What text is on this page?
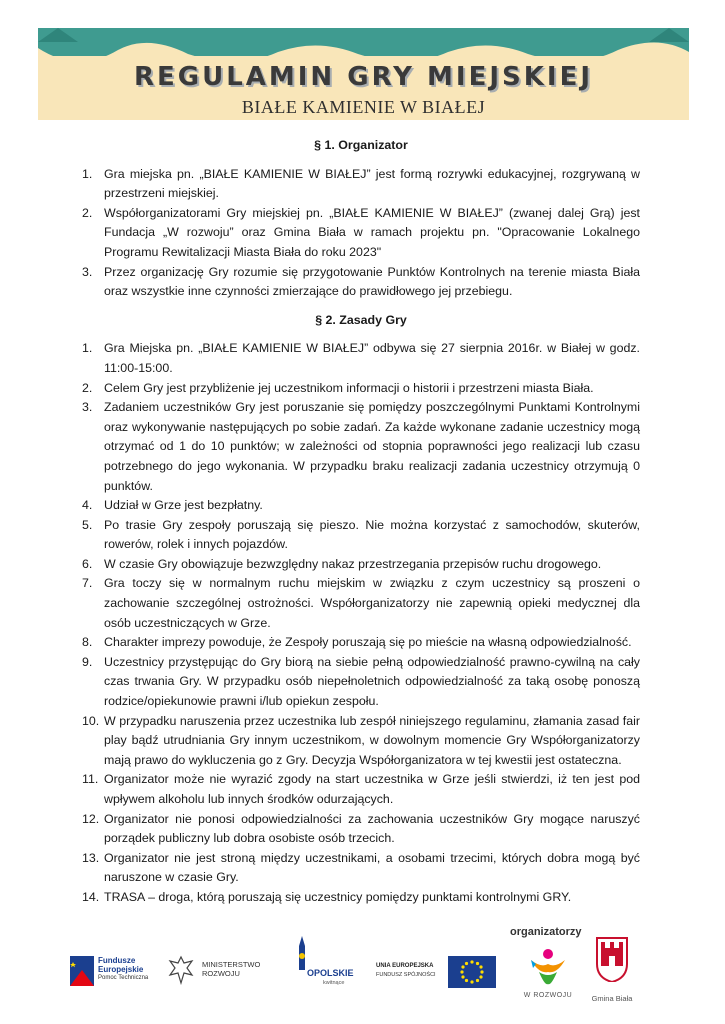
REGULAMIN GRY MIEJSKIEJ
BIAŁE KAMIENIE W BIAŁEJ
§ 1. Organizator
1. Gra miejska pn. „BIAŁE KAMIENIE W BIAŁEJ” jest formą rozrywki edukacyjnej, rozgrywaną w przestrzeni miejskiej.
2. Współorganizatorami Gry miejskiej pn. „BIAŁE KAMIENIE W BIAŁEJ” (zwanej dalej Grą) jest Fundacja „W rozwoju” oraz Gmina Biała w ramach projektu pn. "Opracowanie Lokalnego Programu Rewitalizacji Miasta Biała do roku 2023"
3. Przez organizację Gry rozumie się przygotowanie Punktów Kontrolnych na terenie miasta Biała oraz wszystkie inne czynności zmierzające do prawidłowego jej przebiegu.
§ 2. Zasady Gry
1. Gra Miejska pn. „BIAŁE KAMIENIE W BIAŁEJ” odbywa się 27 sierpnia 2016r. w Białej w godz. 11:00-15:00.
2. Celem Gry jest przybliżenie jej uczestnikom informacji o historii i przestrzeni miasta Biała.
3. Zadaniem uczestników Gry jest poruszanie się pomiędzy poszczególnymi Punktami Kontrolnymi oraz wykonywanie następujących po sobie zadań. Za każde wykonane zadanie uczestnicy mogą otrzymać od 1 do 10 punktów; w zależności od stopnia poprawności jego realizacji lub czasu potrzebnego do jego wykonania. W przypadku braku realizacji zadania uczestnicy otrzymują 0 punktów.
4. Udział w Grze jest bezpłatny.
5. Po trasie Gry zespoły poruszają się pieszo. Nie można korzystać z samochodów, skuterów, rowerów, rolek i innych pojazdów.
6. W czasie Gry obowiązuje bezwzględny nakaz przestrzegania przepisów ruchu drogowego.
7. Gra toczy się w normalnym ruchu miejskim w związku z czym uczestnicy są proszeni o zachowanie szczególnej ostrożności. Współorganizatorzy nie zapewnią opieki medycznej dla osób uczestniczących w Grze.
8. Charakter imprezy powoduje, że Zespoły poruszają się po mieście na własną odpowiedzialność.
9. Uczestnicy przystępując do Gry biorą na siebie pełną odpowiedzialność prawno-cywilną na cały czas trwania Gry. W przypadku osób niepełnoletnich odpowiedzialność za taką osobę ponoszą rodzice/opiekunowie prawni i/lub opiekun zespołu.
10. W przypadku naruszenia przez uczestnika lub zespół niniejszego regulaminu, złamania zasad fair play bądź utrudniania Gry innym uczestnikom, w dowolnym momencie Gry Współorganizatorzy mają prawo do wykluczenia go z Gry. Decyzja Współorganizatora w tej kwestii jest ostateczna.
11. Organizator może nie wyrazić zgody na start uczestnika w Grze jeśli stwierdzi, iż ten jest pod wpływem alkoholu lub innych środków odurzających.
12. Organizator nie ponosi odpowiedzialności za zachowania uczestników Gry mogące naruszyć porządek publiczny lub dobra osobiste osób trzecich.
13. Organizator nie jest stroną między uczestnikami, a osobami trzecimi, których dobra mogą być naruszone w czasie Gry.
14. TRASA – droga, którą poruszają się uczestnicy pomiędzy punktami kontrolnymi GRY.
organizatorzy
Fundusze
Europejskie
Pomoc Techniczna
MINISTERSTWO
ROZWOJU	OPOLSKIE
kwitnące
UNIA EUROPEJSKA
FUNDUSZ SPÓJNOŚCI
W ROZWOJU	Gmina Biała
